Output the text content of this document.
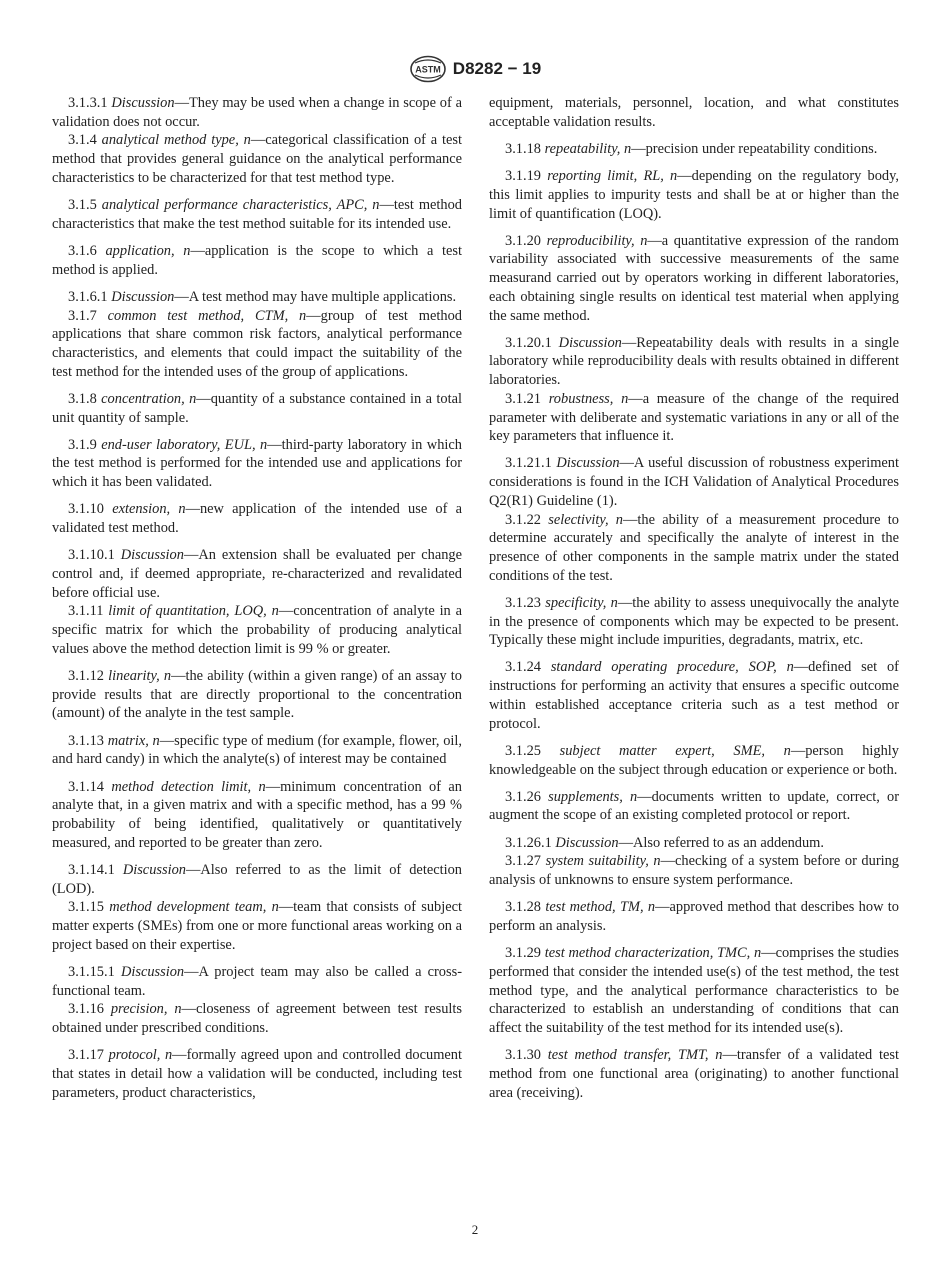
ASTM D8282 − 19

3.1.3.1 Discussion—They may be used when a change in scope of a validation does not occur.

3.1.4 analytical method type, n—categorical classification of a test method that provides general guidance on the analytical performance characteristics to be characterized for that test method type.

3.1.5 analytical performance characteristics, APC, n—test method characteristics that make the test method suitable for its intended use.

3.1.6 application, n—application is the scope to which a test method is applied.

3.1.6.1 Discussion—A test method may have multiple applications.

3.1.7 common test method, CTM, n—group of test method applications that share common risk factors, analytical performance characteristics, and elements that could impact the suitability of the test method for the intended uses of the group of applications.

3.1.8 concentration, n—quantity of a substance contained in a total unit quantity of sample.

3.1.9 end-user laboratory, EUL, n—third-party laboratory in which the test method is performed for the intended use and applications for which it has been validated.

3.1.10 extension, n—new application of the intended use of a validated test method.

3.1.10.1 Discussion—An extension shall be evaluated per change control and, if deemed appropriate, re-characterized and revalidated before official use.

3.1.11 limit of quantitation, LOQ, n—concentration of analyte in a specific matrix for which the probability of producing analytical values above the method detection limit is 99 % or greater.

3.1.12 linearity, n—the ability (within a given range) of an assay to provide results that are directly proportional to the concentration (amount) of the analyte in the test sample.

3.1.13 matrix, n—specific type of medium (for example, flower, oil, and hard candy) in which the analyte(s) of interest may be contained

3.1.14 method detection limit, n—minimum concentration of an analyte that, in a given matrix and with a specific method, has a 99 % probability of being identified, qualitatively or quantitatively measured, and reported to be greater than zero.

3.1.14.1 Discussion—Also referred to as the limit of detection (LOD).

3.1.15 method development team, n—team that consists of subject matter experts (SMEs) from one or more functional areas working on a project based on their expertise.

3.1.15.1 Discussion—A project team may also be called a cross-functional team.

3.1.16 precision, n—closeness of agreement between test results obtained under prescribed conditions.

3.1.17 protocol, n—formally agreed upon and controlled document that states in detail how a validation will be conducted, including test parameters, product characteristics,

equipment, materials, personnel, location, and what constitutes acceptable validation results.

3.1.18 repeatability, n—precision under repeatability conditions.

3.1.19 reporting limit, RL, n—depending on the regulatory body, this limit applies to impurity tests and shall be at or higher than the limit of quantification (LOQ).

3.1.20 reproducibility, n—a quantitative expression of the random variability associated with successive measurements of the same measurand carried out by operators working in different laboratories, each obtaining single results on identical test material when applying the same method.

3.1.20.1 Discussion—Repeatability deals with results in a single laboratory while reproducibility deals with results obtained in different laboratories.

3.1.21 robustness, n—a measure of the change of the required parameter with deliberate and systematic variations in any or all of the key parameters that influence it.

3.1.21.1 Discussion—A useful discussion of robustness experiment considerations is found in the ICH Validation of Analytical Procedures Q2(R1) Guideline (1).

3.1.22 selectivity, n—the ability of a measurement procedure to determine accurately and specifically the analyte of interest in the presence of other components in the sample matrix under the stated conditions of the test.

3.1.23 specificity, n—the ability to assess unequivocally the analyte in the presence of components which may be expected to be present. Typically these might include impurities, degradants, matrix, etc.

3.1.24 standard operating procedure, SOP, n—defined set of instructions for performing an activity that ensures a specific outcome within established acceptance criteria such as a test method or protocol.

3.1.25 subject matter expert, SME, n—person highly knowledgeable on the subject through education or experience or both.

3.1.26 supplements, n—documents written to update, correct, or augment the scope of an existing completed protocol or report.

3.1.26.1 Discussion—Also referred to as an addendum.

3.1.27 system suitability, n—checking of a system before or during analysis of unknowns to ensure system performance.

3.1.28 test method, TM, n—approved method that describes how to perform an analysis.

3.1.29 test method characterization, TMC, n—comprises the studies performed that consider the intended use(s) of the test method, the test method type, and the analytical performance characteristics to be characterized to establish an understanding of conditions that can affect the suitability of the test method for its intended use(s).

3.1.30 test method transfer, TMT, n—transfer of a validated test method from one functional area (originating) to another functional area (receiving).

2
